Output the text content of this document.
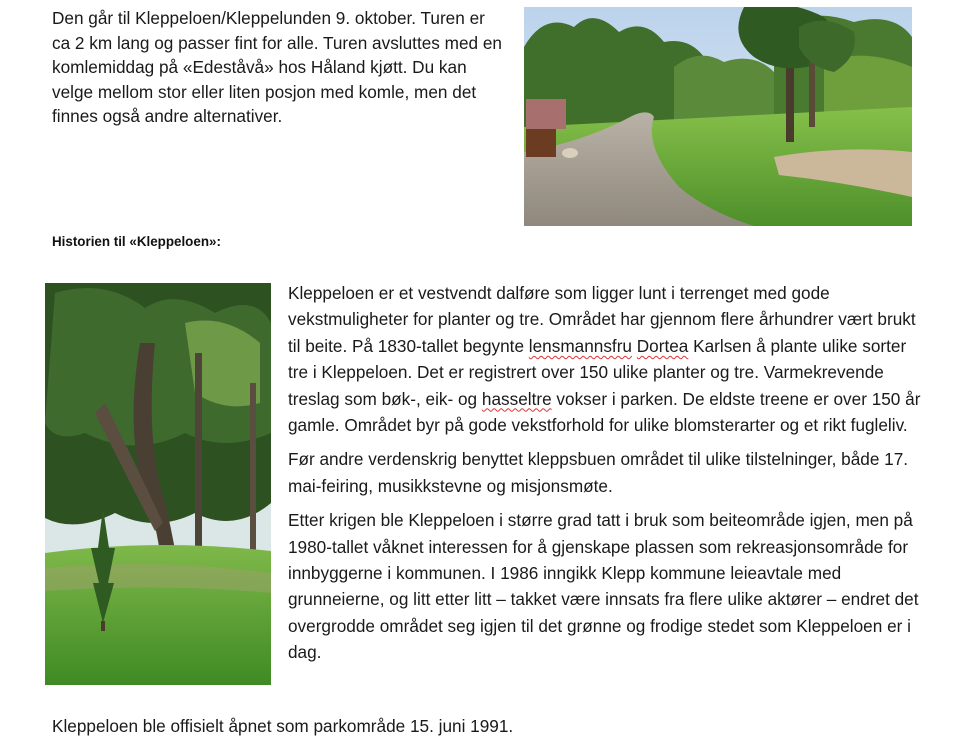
Den går til Kleppeloen/Kleppelunden 9. oktober. Turen er ca 2 km lang og passer fint for alle. Turen avsluttes med en komlemiddag på «Edeståvå» hos Håland kjøtt. Du kan velge mellom stor eller liten posjon med komle, men det finnes også andre alternativer.

Historien til «Kleppeloen»:

Kleppeloen er et vestvendt dalføre som ligger lunt i terrenget med gode vekstmuligheter for planter og tre. Området har gjennom flere århundrer vært brukt til beite. På 1830-tallet begynte lensmannsfru Dortea Karlsen å plante ulike sorter tre i Kleppeloen. Det er registrert over 150 ulike planter og tre. Varmekrevende treslag som bøk-, eik- og hasseltre vokser i parken. De eldste treene er over 150 år gamle. Området byr på gode vekstforhold for ulike blomsterarter og et rikt fugleliv.

Før andre verdenskrig benyttet kleppsbuen området til ulike tilstelninger, både 17. mai-feiring, musikkstevne og misjonsmøte.

Etter krigen ble Kleppeloen i større grad tatt i bruk som beiteområde igjen, men på 1980-tallet våknet interessen for å gjenskape plassen som rekreasjonsområde for innbyggerne i kommunen. I 1986 inngikk Klepp kommune leieavtale med grunneierne, og litt etter litt – takket være innsats fra flere ulike aktører – endret det overgrodde området seg igjen til det grønne og frodige stedet som Kleppeloen er i dag.

Kleppeloen ble offisielt åpnet som parkområde 15. juni 1991.
